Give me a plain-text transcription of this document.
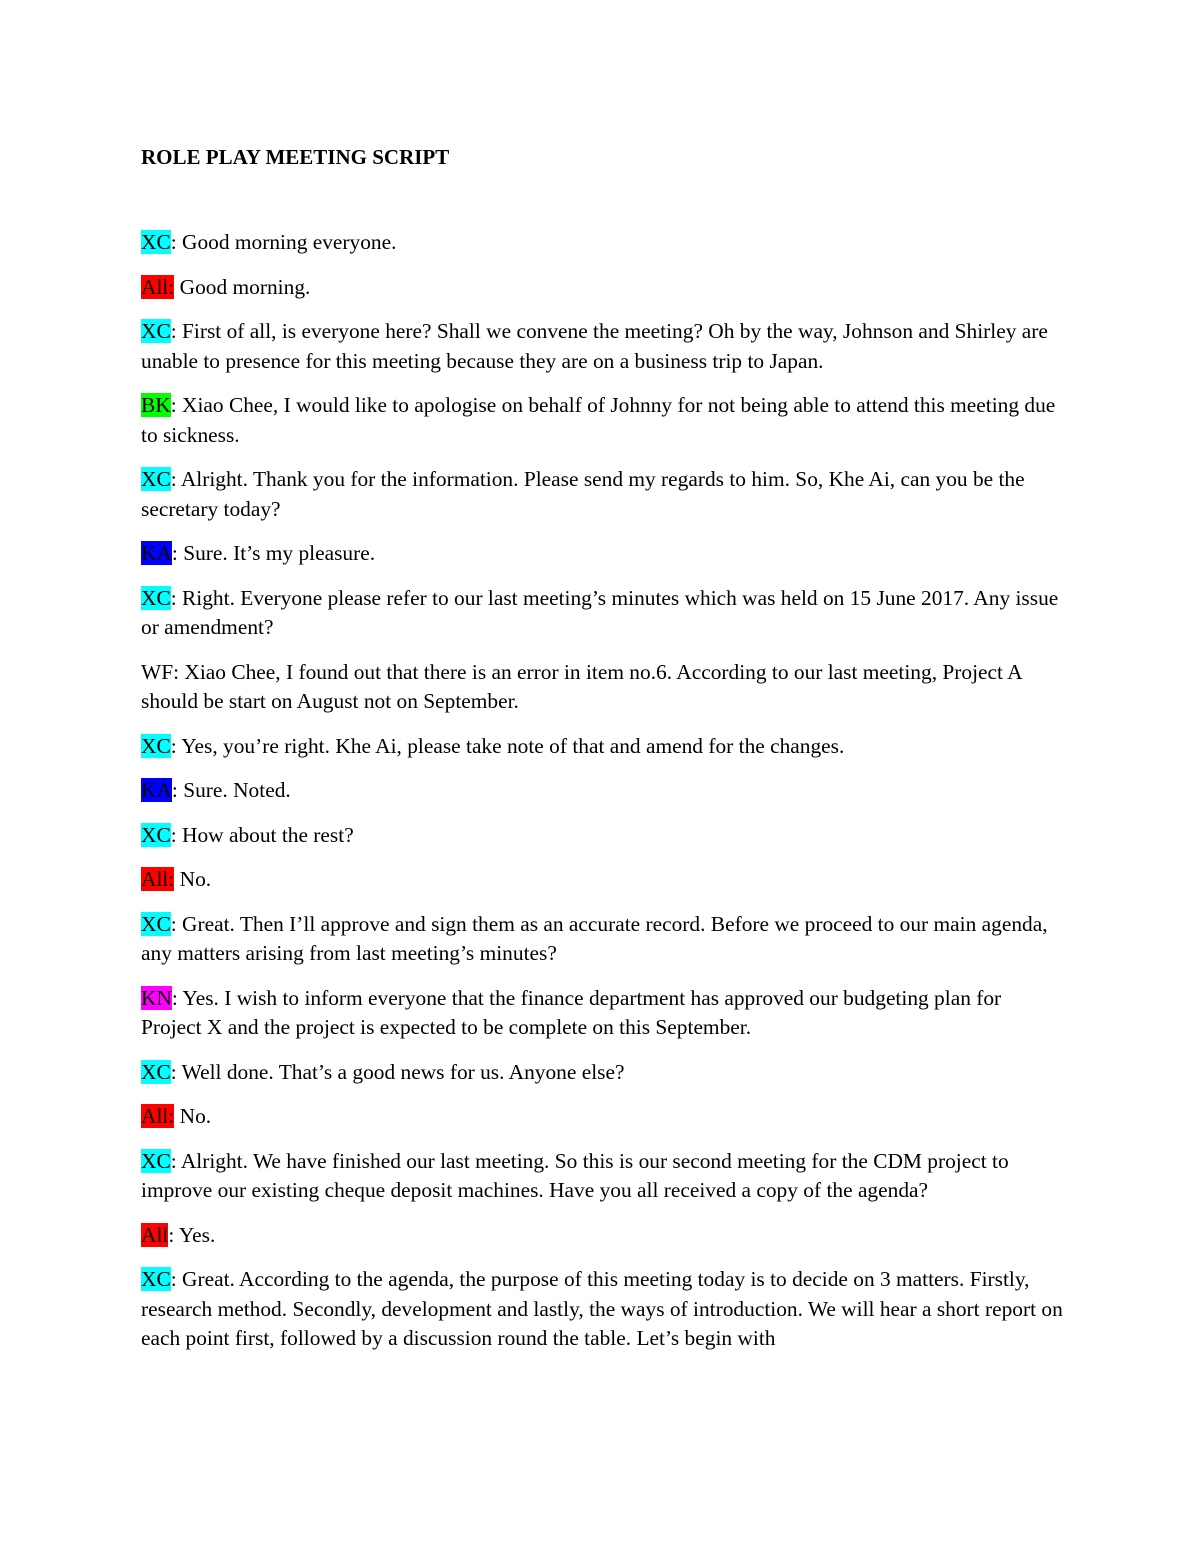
ROLE PLAY MEETING SCRIPT

XC: Good morning everyone.

All: Good morning.

XC: First of all, is everyone here? Shall we convene the meeting? Oh by the way, Johnson and Shirley are unable to presence for this meeting because they are on a business trip to Japan.

BK: Xiao Chee, I would like to apologise on behalf of Johnny for not being able to attend this meeting due to sickness.

XC: Alright. Thank you for the information. Please send my regards to him. So, Khe Ai, can you be the secretary today?

KA: Sure. It’s my pleasure.

XC: Right. Everyone please refer to our last meeting’s minutes which was held on 15 June 2017. Any issue or amendment?

WF: Xiao Chee, I found out that there is an error in item no.6. According to our last meeting, Project A should be start on August not on September.

XC: Yes, you’re right. Khe Ai, please take note of that and amend for the changes.

KA: Sure. Noted.

XC: How about the rest?

All: No.

XC: Great. Then I’ll approve and sign them as an accurate record. Before we proceed to our main agenda, any matters arising from last meeting’s minutes?

KN: Yes. I wish to inform everyone that the finance department has approved our budgeting plan for Project X and the project is expected to be complete on this September.

XC: Well done. That’s a good news for us. Anyone else?

All: No.

XC: Alright. We have finished our last meeting. So this is our second meeting for the CDM project to improve our existing cheque deposit machines. Have you all received a copy of the agenda?

All: Yes.

XC: Great. According to the agenda, the purpose of this meeting today is to decide on 3 matters. Firstly, research method. Secondly, development and lastly, the ways of introduction. We will hear a short report on each point first, followed by a discussion round the table. Let’s begin with
